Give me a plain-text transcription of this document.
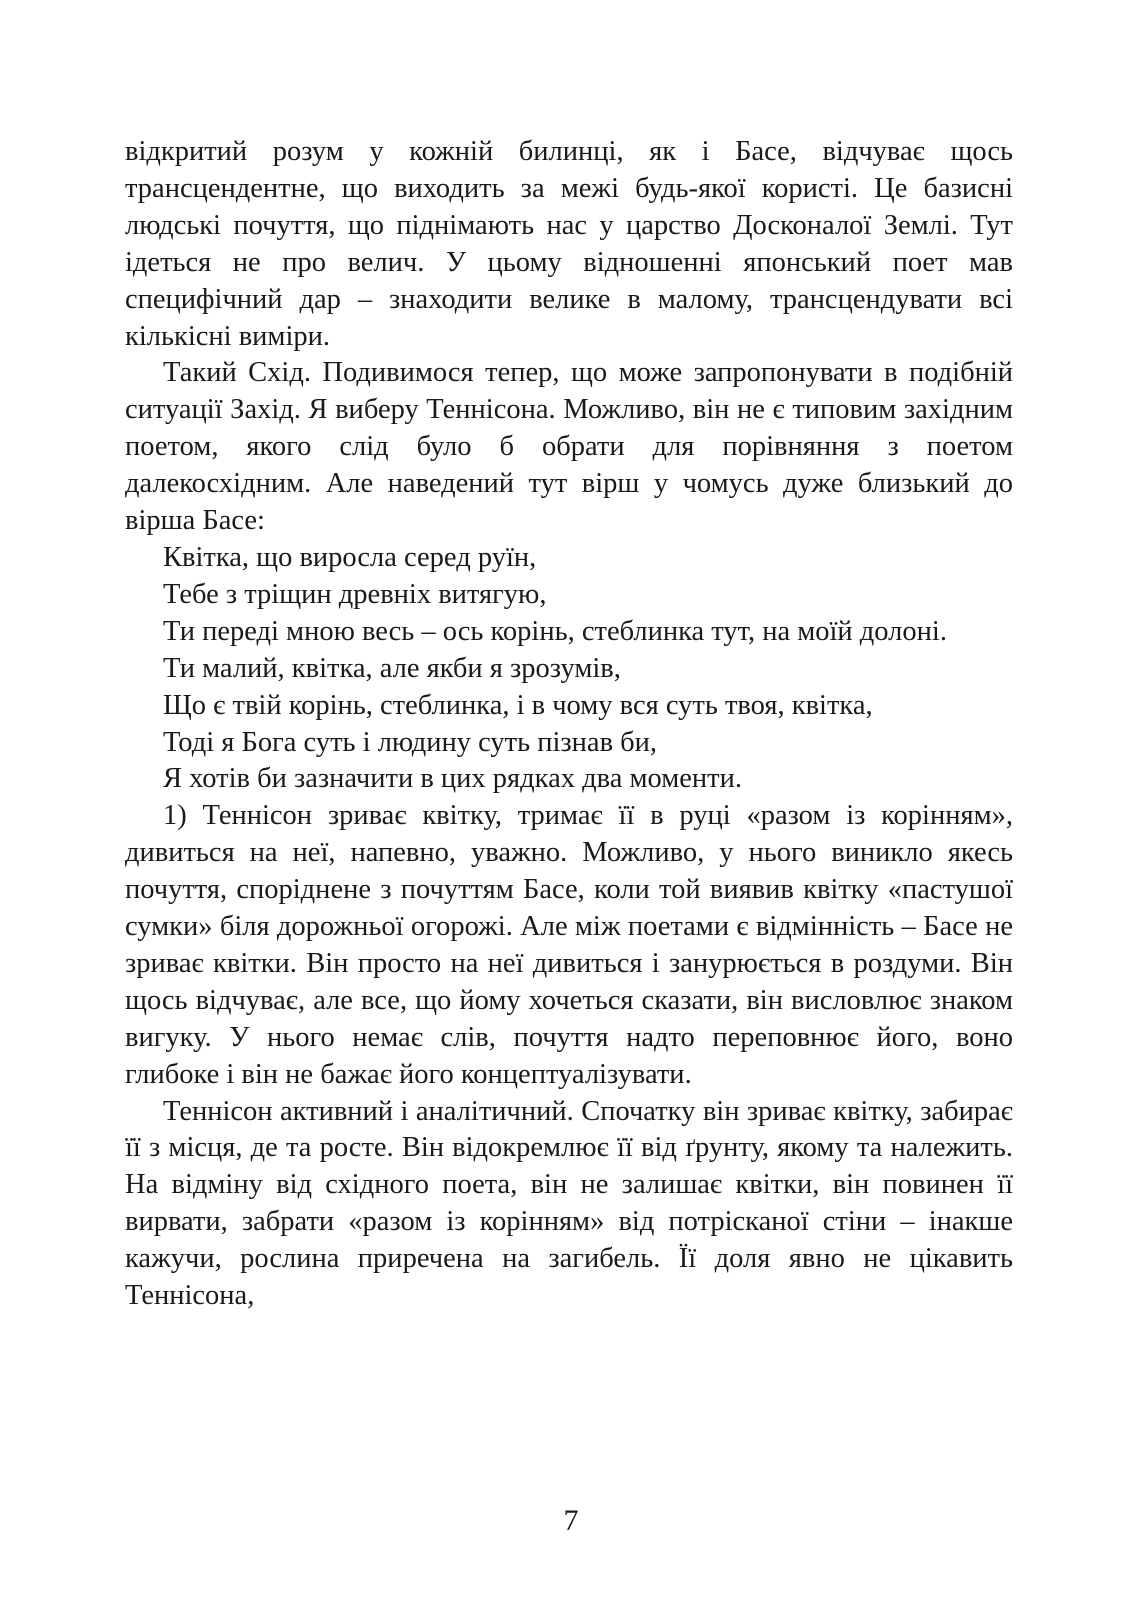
відкритий розум у кожній билинці, як і Басе, відчуває щось трансцендентне, що виходить за межі будь-якої користі. Це базисні людські почуття, що піднімають нас у царство Досконалої Землі. Тут ідеться не про велич. У цьому відношенні японський поет мав специфічний дар – знаходити велике в малому, трансцендувати всі кількісні виміри.

Такий Схід. Подивимося тепер, що може запропонувати в подібній ситуації Захід. Я виберу Теннісона. Можливо, він не є типовим західним поетом, якого слід було б обрати для порівняння з поетом далекосхідним. Але наведений тут вірш у чомусь дуже близький до вірша Басе:

Квітка, що виросла серед руїн,

Тебе з тріщин древніх витягую,

Ти переді мною весь – ось корінь, стеблинка тут, на моїй долоні.

Ти малий, квітка, але якби я зрозумів,

Що є твій корінь, стеблинка, і в чому вся суть твоя, квітка,

Тоді я Бога суть і людину суть пізнав би,

Я хотів би зазначити в цих рядках два моменти.

1) Теннісон зриває квітку, тримає її в руці «разом із корінням», дивиться на неї, напевно, уважно. Можливо, у нього виникло якесь почуття, споріднене з почуттям Басе, коли той виявив квітку «пастушої сумки» біля дорожньої огорожі. Але між поетами є відмінність – Басе не зриває квітки. Він просто на неї дивиться і занурюється в роздуми. Він щось відчуває, але все, що йому хочеться сказати, він висловлює знаком вигуку. У нього немає слів, почуття надто переповнює його, воно глибоке і він не бажає його концептуалізувати.

Теннісон активний і аналітичний. Спочатку він зриває квітку, забирає її з місця, де та росте. Він відокремлює її від ґрунту, якому та належить. На відміну від східного поета, він не залишає квітки, він повинен її вирвати, забрати «разом із корінням» від потрісканої стіни – інакше кажучи, рослина приречена на загибель. Її доля явно не цікавить Теннісона,

7
